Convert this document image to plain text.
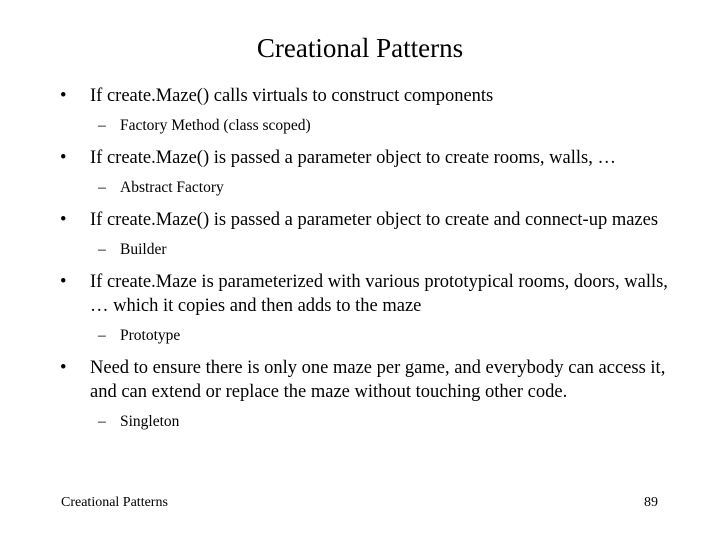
Creational Patterns
•	If create.Maze() calls virtuals to construct components
– Factory Method (class scoped)
•	If create.Maze() is passed a parameter object to create rooms, walls, …
– Abstract Factory
•	If create.Maze() is passed a parameter object to create and connect-up mazes
– Builder
•	If create.Maze is parameterized with various prototypical rooms, doors, walls, … which it copies and then adds to the maze
– Prototype
•	Need to ensure there is only one maze per game, and everybody can access it, and can extend or replace the maze without touching other code.
– Singleton
Creational Patterns	89
